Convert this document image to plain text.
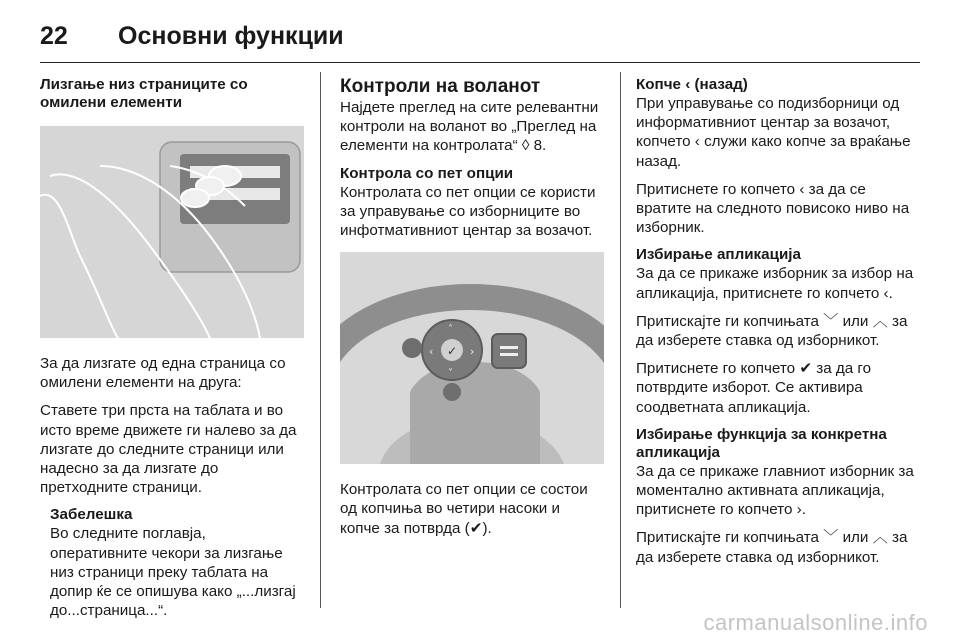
22	Основни функции
Лизгање низ страниците со омилени елементи

За да лизгате од една страница со омилени елементи на друга:

Ставете три прста на таблата и во исто време движете ги налево за да лизгате до следните страници или надесно за да лизгате до претходните страници.

Забелешка

Во следните поглавја, оперативните чекори за лизгање низ страници преку таблата на допир ќе се опишува како „...лизгај до...страница...“.

Контроли на воланот

Најдете преглед на сите релевантни контроли на воланот во „Преглед на елементи на контролата“ ◊ 8.

Контрола со пет опции

Контролата со пет опции се користи за управување со изборниците во инфотмативниот центар за возачот.

✓
‹	›
˄
˅

Контролата со пет опции се состои од копчиња во четири насоки и копче за потврда (✔).

Копче ‹ (назад)

При управување со подизборници од информативниот центар за возачот, копчето ‹ служи како копче за враќање назад.

Притиснете го копчето ‹ за да се вратите на следното повисоко ниво на изборник.

Избирање апликација

За да се прикаже изборник за избор на апликација, притиснете го копчето ‹.

Притискајте ги копчињата ﹀ или ︿ за да изберете ставка од изборникот.

Притиснете го копчето ✔ за да го потврдите изборот. Се активира соодветната апликација.

Избирање функција за конкретна апликација

За да се прикаже главниот изборник за моментално активната апликација, притиснете го копчето ›.

Притискајте ги копчињата ﹀ или ︿ за да изберете ставка од изборникот.

carmanualsonline.info
